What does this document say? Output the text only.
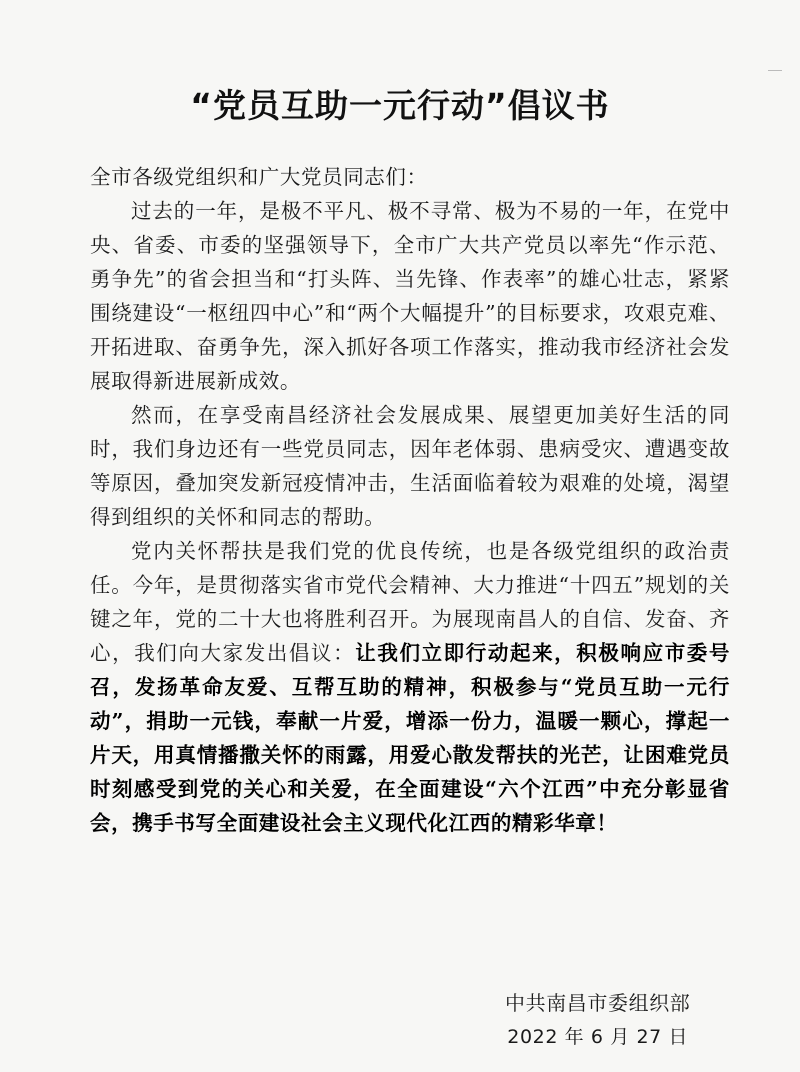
“党员互助一元行动”倡议书

全市各级党组织和广大党员同志们：

过去的一年，是极不平凡、极不寻常、极为不易的一年，在党中央、省委、市委的坚强领导下，全市广大共产党员以率先“作示范、勇争先”的省会担当和“打头阵、当先锋、作表率”的雄心壮志，紧紧围绕建设“一枢纽四中心”和“两个大幅提升”的目标要求，攻艰克难、开拓进取、奋勇争先，深入抓好各项工作落实，推动我市经济社会发展取得新进展新成效。

然而，在享受南昌经济社会发展成果、展望更加美好生活的同时，我们身边还有一些党员同志，因年老体弱、患病受灾、遭遇变故等原因，叠加突发新冠疫情冲击，生活面临着较为艰难的处境，渴望得到组织的关怀和同志的帮助。

党内关怀帮扶是我们党的优良传统，也是各级党组织的政治责任。今年，是贯彻落实省市党代会精神、大力推进“十四五”规划的关键之年，党的二十大也将胜利召开。为展现南昌人的自信、发奋、齐心，我们向大家发出倡议：让我们立即行动起来，积极响应市委号召，发扬革命友爱、互帮互助的精神，积极参与“党员互助一元行动”，捐助一元钱，奉献一片爱，增添一份力，温暖一颗心，撑起一片天，用真情播撒关怀的雨露，用爱心散发帮扶的光芒，让困难党员时刻感受到党的关心和关爱，在全面建设“六个江西”中充分彰显省会，携手书写全面建设社会主义现代化江西的精彩华章！

中共南昌市委组织部
2022 年 6 月 27 日
